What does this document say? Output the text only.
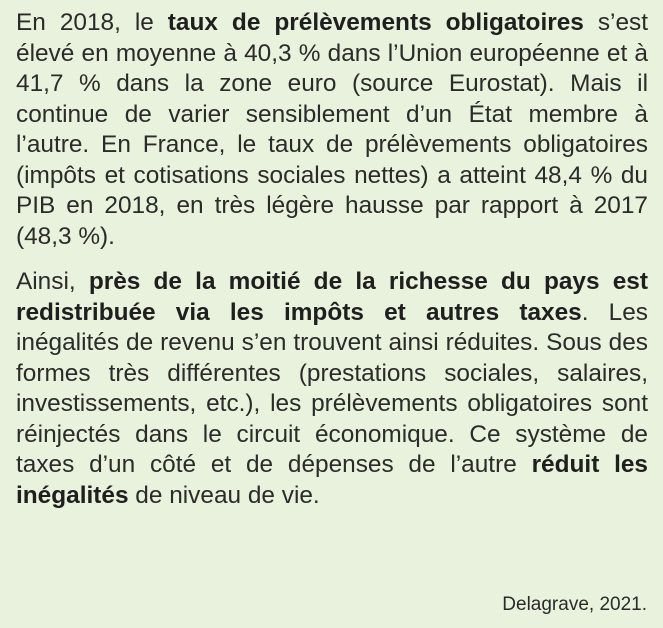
En 2018, le taux de prélèvements obligatoires s’est élevé en moyenne à 40,3 % dans l’Union européenne et à 41,7 % dans la zone euro (source Eurostat). Mais il continue de varier sensiblement d’un État membre à l’autre. En France, le taux de prélèvements obligatoires (impôts et cotisations sociales nettes) a atteint 48,4 % du PIB en 2018, en très légère hausse par rapport à 2017 (48,3 %).

Ainsi, près de la moitié de la richesse du pays est redistribuée via les impôts et autres taxes. Les inégalités de revenu s’en trouvent ainsi réduites. Sous des formes très différentes (prestations sociales, salaires, investissements, etc.), les prélèvements obligatoires sont réinjectés dans le circuit économique. Ce système de taxes d’un côté et de dépenses de l’autre réduit les inégalités de niveau de vie.

Delagrave, 2021.
